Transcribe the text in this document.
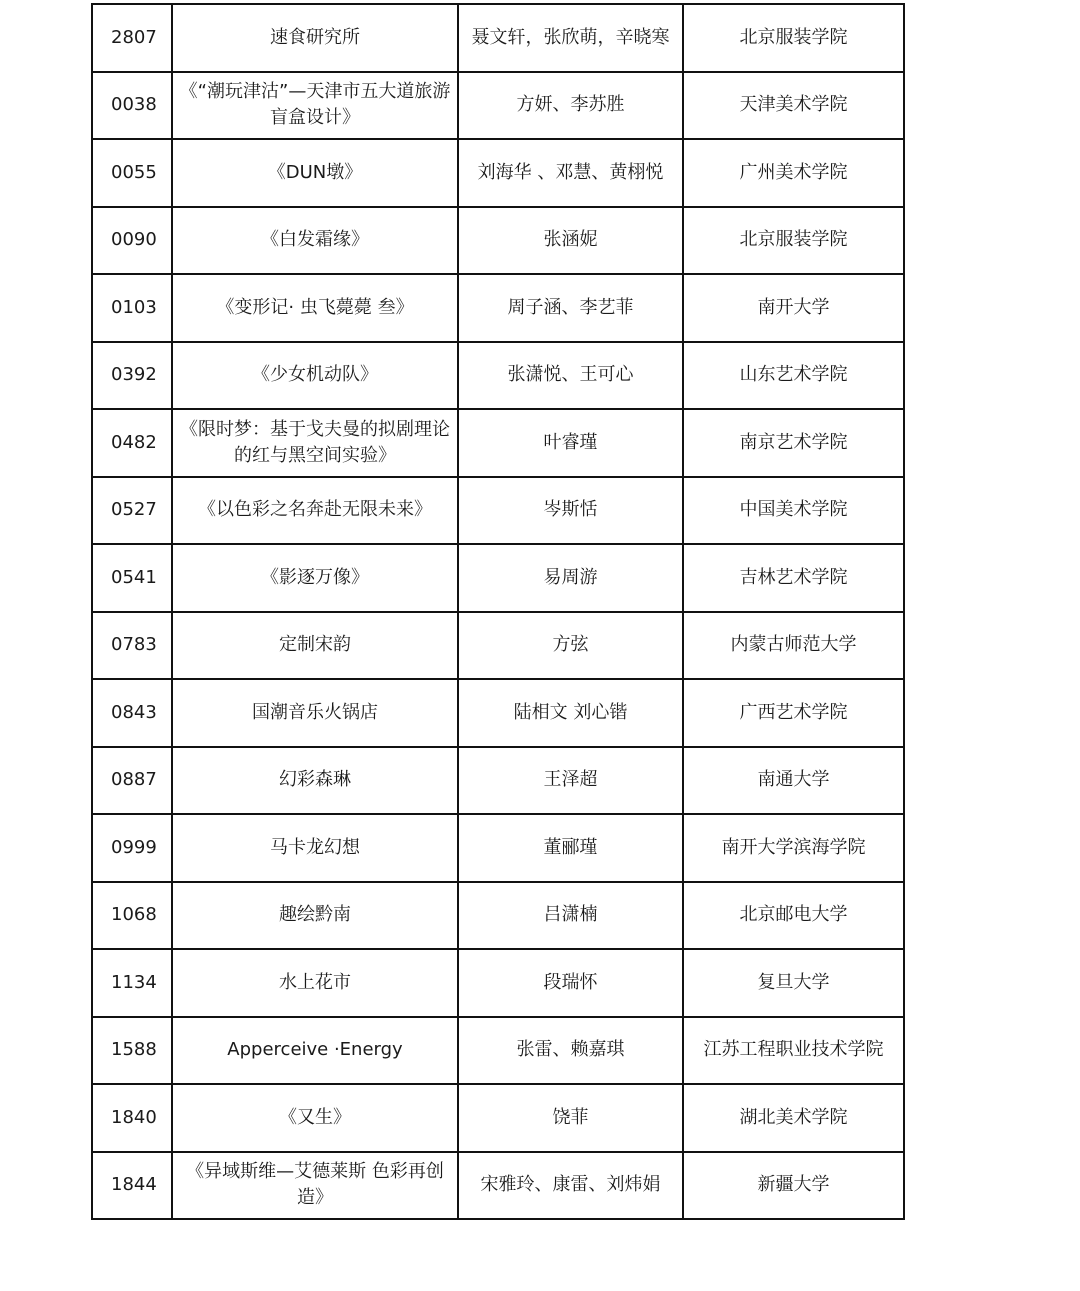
2807	速食研究所	聂文轩，张欣萌，辛晓寒	北京服装学院
0038	《“潮玩津沽”—天津市五大道旅游盲盒设计》	方妍、李苏胜	天津美术学院
0055	《DUN墩》	刘海华 、邓慧、黄栩悦	广州美术学院
0090	《白发霜缘》	张涵妮	北京服装学院
0103	《变形记· 虫飞薨薨 叁》	周子涵、李艺菲	南开大学
0392	《少女机动队》	张潇悦、王可心	山东艺术学院
0482	《限时梦：基于戈夫曼的拟剧理论的红与黑空间实验》	叶睿瑾	南京艺术学院
0527	《以色彩之名奔赴无限未来》	岑斯恬	中国美术学院
0541	《影逐万像》	易周游	吉林艺术学院
0783	定制宋韵	方弦	内蒙古师范大学
0843	国潮音乐火锅店	陆相文 刘心锴	广西艺术学院
0887	幻彩森琳	王泽超	南通大学
0999	马卡龙幻想	董郦瑾	南开大学滨海学院
1068	趣绘黔南	吕潇楠	北京邮电大学
1134	水上花市	段瑞怀	复旦大学
1588	Apperceive ·Energy	张雷、赖嘉琪	江苏工程职业技术学院
1840	《又生》	饶菲	湖北美术学院
1844	《异域斯维—艾德莱斯 色彩再创造》	宋雅玲、康雷、刘炜娟	新疆大学
